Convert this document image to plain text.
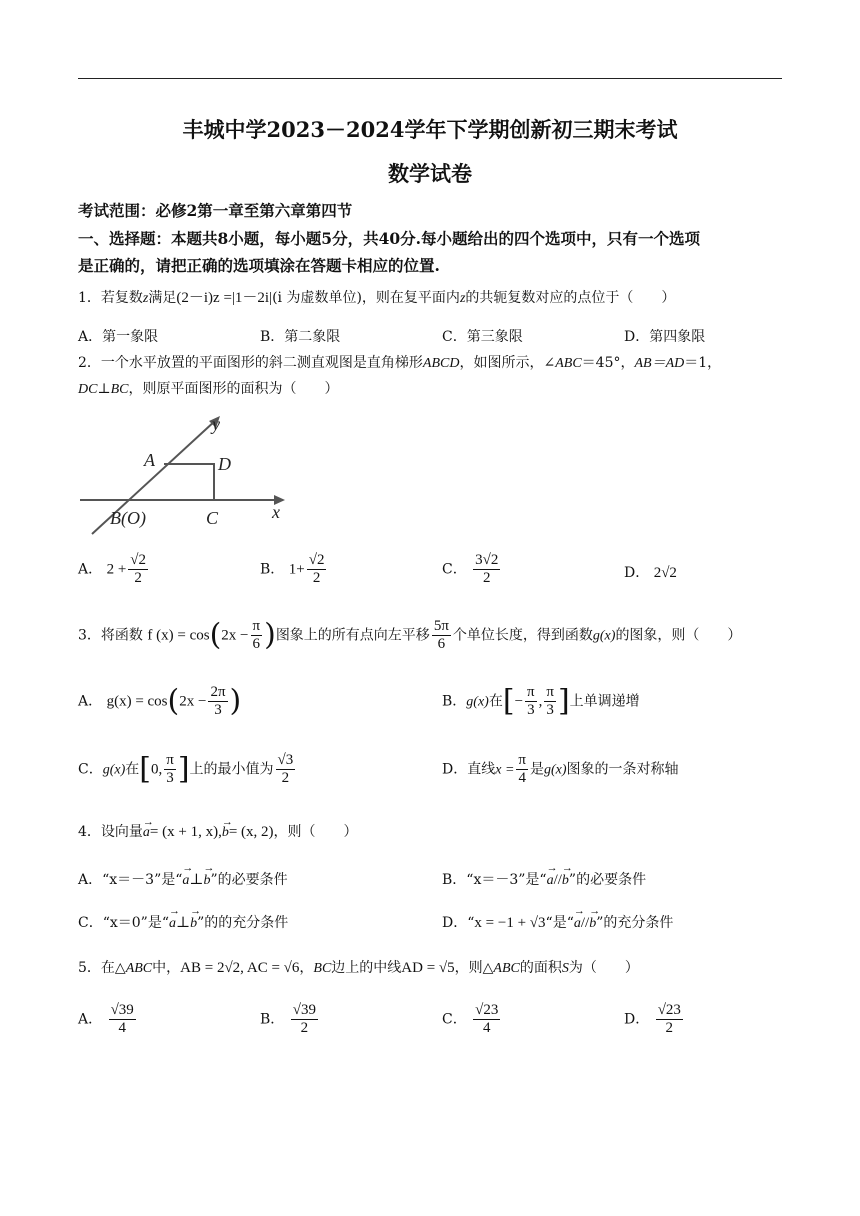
丰城中学2023－2024学年下学期创新初三期末考试
数学试卷
考试范围：必修2第一章至第六章第四节
一、选择题：本题共8小题，每小题5分，共40分.每小题给出的四个选项中，只有一个选项
是正确的，请把正确的选项填涂在答题卡相应的位置.
1．若复数z满足(2－i)z =|1－2i|(i 为虚数单位)，则在复平面内z的共轭复数对应的点位于（　　）
A．第一象限	B．第二象限	C．第三象限	D．第四象限
2．一个水平放置的平面图形的斜二测直观图是直角梯形ABCD，如图所示，∠ABC＝45°，AB＝AD＝1，
DC⊥BC，则原平面图形的面积为（　　）
A	D
y
B(O)	C	x
A． $2 + \frac{√2}{2}$	B． $1+ \frac{√2}{2}$	C． $\frac{3√2}{2}$	D． 2√2
3．将函数 f $(x) = \cos(2x - \frac{\pi}{6}$ )图象上的所有点向左平移 $\frac{5\pi}{6}$ 个单位长度，得到函数g(x)的图象，则（　　）
A． $g(x) = \cos(2x - \frac{2\pi}{3}$ )	B．g(x)在[− $\frac{\pi}{3}$ , $\frac{\pi}{3}$ ]上单调递增
C．g(x)在[0, $\frac{\pi}{3}$ ]上的最小值为 $\frac{√3}{2}$	D．直线$x = \frac{\pi}{4}$ 是g(x)图象的一条对称轴
4．设向量→ a= (x + 1, x),→ b= (x, 2)，则（　　）
A．“x＝－3”是“→ a⊥→ b”的必要条件	B．“x＝－3”是“→ a//→ b”的必要条件
C．“x＝0”是“→ a⊥→ b”的的充分条件	D．“x = −1 + √3“是“→ a//→ b”的充分条件
5．在△ABC中，AB = 2√2, AC = √6，BC边上的中线AD = √5，则△ABC的面积S为（　　）
A． $\frac{√39}{4}$	B． $\frac{√39}{2}$	C． $\frac{√23}{4}$	D． $\frac{√23}{2}$
